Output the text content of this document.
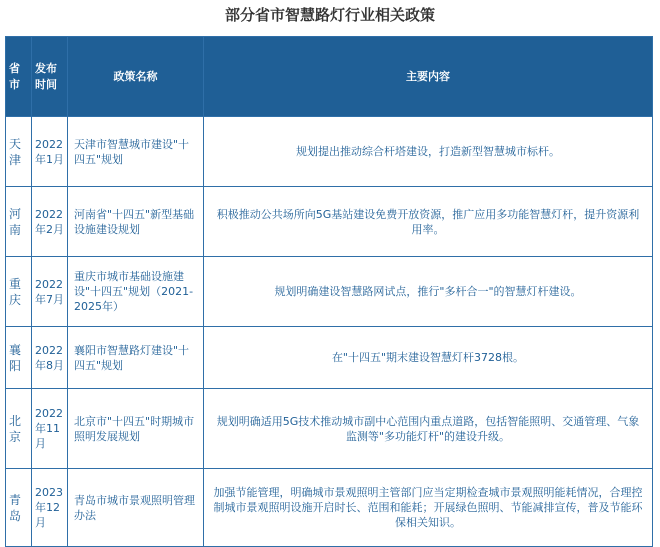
部分省市智慧路灯行业相关政策
省市	发布时间	政策名称	主要内容
天津	2022年1月	天津市智慧城市建设"十四五"规划	规划提出推动综合杆塔建设，打造新型智慧城市标杆。
河南	2022年2月	河南省"十四五"新型基础设施建设规划	积极推动公共场所向5G基站建设免费开放资源，推广应用多功能智慧灯杆，提升资源利用率。
重庆	2022年7月	重庆市城市基础设施建设"十四五"规划（2021-2025年）	规划明确建设智慧路网试点，推行"多杆合一"的智慧灯杆建设。
襄阳	2022年8月	襄阳市智慧路灯建设"十四五"规划	在"十四五"期末建设智慧灯杆3728根。
北京	2022年11月	北京市"十四五"时期城市照明发展规划	规划明确适用5G技术推动城市副中心范围内重点道路，包括智能照明、交通管理、气象监测等"多功能灯杆"的建设升级。
青岛	2023年12月	青岛市城市景观照明管理办法	加强节能管理，明确城市景观照明主管部门应当定期检查城市景观照明能耗情况，合理控制城市景观照明设施开启时长、范围和能耗；开展绿色照明、节能减排宣传，普及节能环保相关知识。
